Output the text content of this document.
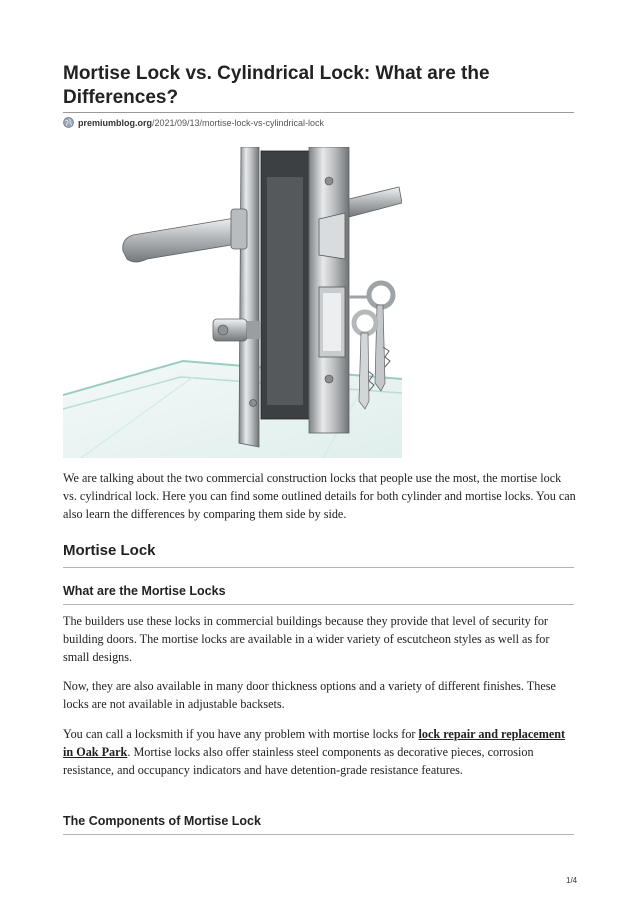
Mortise Lock vs. Cylindrical Lock: What are the Differences?
premiumblog.org/2021/09/13/mortise-lock-vs-cylindrical-lock

We are talking about the two commercial construction locks that people use the most, the mortise lock vs. cylindrical lock. Here you can find some outlined details for both cylinder and mortise locks. You can also learn the differences by comparing them side by side.

Mortise Lock
What are the Mortise Locks

The builders use these locks in commercial buildings because they provide that level of security for building doors. The mortise locks are available in a wider variety of escutcheon styles as well as for small designs.

Now, they are also available in many door thickness options and a variety of different finishes. These locks are not available in adjustable backsets.

You can call a locksmith if you have any problem with mortise locks for lock repair and replacement in Oak Park. Mortise locks also offer stainless steel components as decorative pieces, corrosion resistance, and occupancy indicators and have detention-grade resistance features.

The Components of Mortise Lock
1/4
